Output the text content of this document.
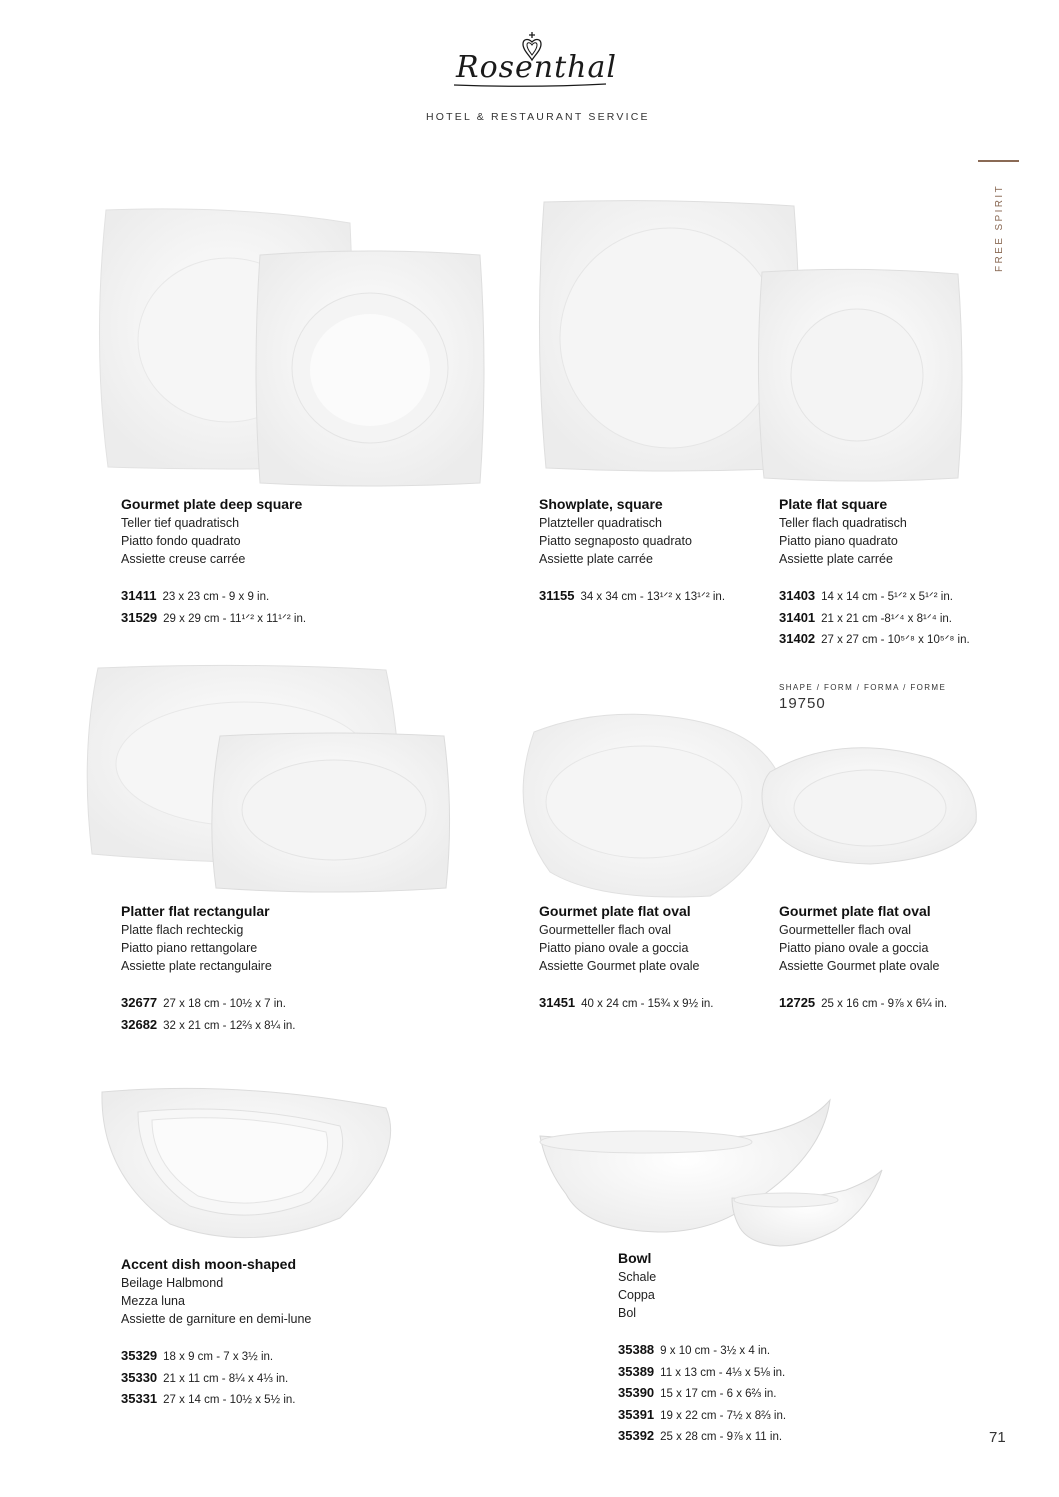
Rosenthal
HOTEL & RESTAURANT SERVICE
FREE SPIRIT
Gourmet plate deep square
Teller tief quadratisch
Piatto fondo quadrato
Assiette creuse carrée
31411 23 x 23 cm - 9 x 9 in.
31529 29 x 29 cm - 11¹ᐟ² x 11¹ᐟ² in.
Showplate, square
Platzteller quadratisch
Piatto segnaposto quadrato
Assiette plate carrée
31155 34 x 34 cm - 13¹ᐟ² x 13¹ᐟ² in.
Plate flat square
Teller flach quadratisch
Piatto piano quadrato
Assiette plate carrée
31403 14 x 14 cm - 5¹ᐟ² x 5¹ᐟ² in.
31401 21 x 21 cm -8¹ᐟ⁴ x 8¹ᐟ⁴ in.
31402 27 x 27 cm - 10⁵ᐟ⁸ x 10⁵ᐟ⁸ in.
SHAPE / FORM / FORMA / FORME
19750
Platter flat rectangular
Platte flach rechteckig
Piatto piano rettangolare
Assiette plate rectangulaire
32677 27 x 18 cm - 10½ x 7 in.
32682 32 x 21 cm - 12⅔ x 8¼ in.
Gourmet plate flat oval
Gourmetteller flach oval
Piatto piano ovale a goccia
Assiette Gourmet plate ovale
31451 40 x 24 cm - 15¾ x 9½ in.
Gourmet plate flat oval
Gourmetteller flach oval
Piatto piano ovale a goccia
Assiette Gourmet plate ovale
12725 25 x 16 cm - 9⅞ x 6¼ in.
Accent dish moon-shaped
Beilage Halbmond
Mezza luna
Assiette de garniture en demi-lune
35329 18 x 9 cm - 7 x 3½ in.
35330 21 x 11 cm - 8¼ x 4⅓ in.
35331 27 x 14 cm - 10½ x 5½ in.
Bowl
Schale
Coppa
Bol
35388 9 x 10 cm - 3½ x 4 in.
35389 11 x 13 cm - 4⅓ x 5⅛ in.
35390 15 x 17 cm - 6 x 6⅔ in.
35391 19 x 22 cm - 7½ x 8⅔ in.
35392 25 x 28 cm - 9⅞ x 11 in.	71
